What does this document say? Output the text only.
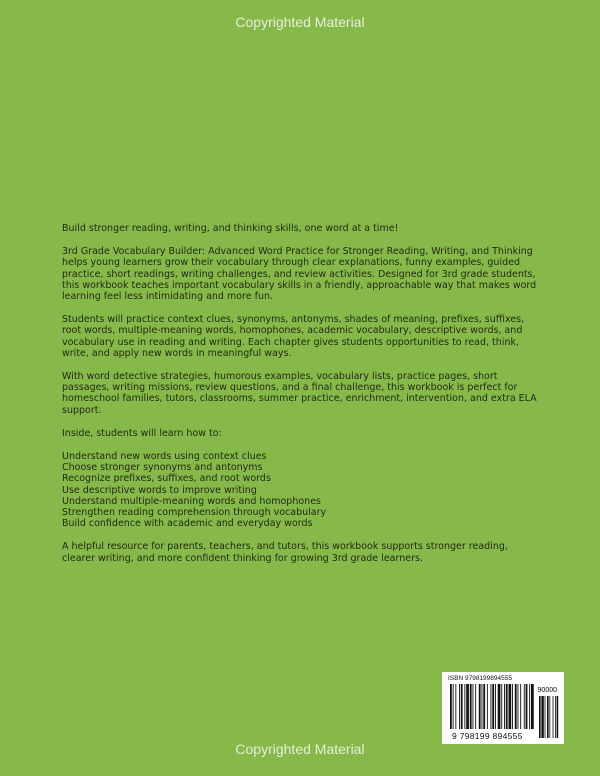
Copyrighted Material

Build stronger reading, writing, and thinking skills, one word at a time!

3rd Grade Vocabulary Builder: Advanced Word Practice for Stronger Reading, Writing, and Thinking helps young learners grow their vocabulary through clear explanations, funny examples, guided practice, short readings, writing challenges, and review activities. Designed for 3rd grade students, this workbook teaches important vocabulary skills in a friendly, approachable way that makes word learning feel less intimidating and more fun.

Students will practice context clues, synonyms, antonyms, shades of meaning, prefixes, suffixes, root words, multiple-meaning words, homophones, academic vocabulary, descriptive words, and vocabulary use in reading and writing. Each chapter gives students opportunities to read, think, write, and apply new words in meaningful ways.

With word detective strategies, humorous examples, vocabulary lists, practice pages, short passages, writing missions, review questions, and a final challenge, this workbook is perfect for homeschool families, tutors, classrooms, summer practice, enrichment, intervention, and extra ELA support.

Inside, students will learn how to:

Understand new words using context clues
Choose stronger synonyms and antonyms
Recognize prefixes, suffixes, and root words
Use descriptive words to improve writing
Understand multiple-meaning words and homophones
Strengthen reading comprehension through vocabulary
Build confidence with academic and everyday words

A helpful resource for parents, teachers, and tutors, this workbook supports stronger reading, clearer writing, and more confident thinking for growing 3rd grade learners.

ISBN 9798199894555
90000
9 798199 894555
Copyrighted Material
